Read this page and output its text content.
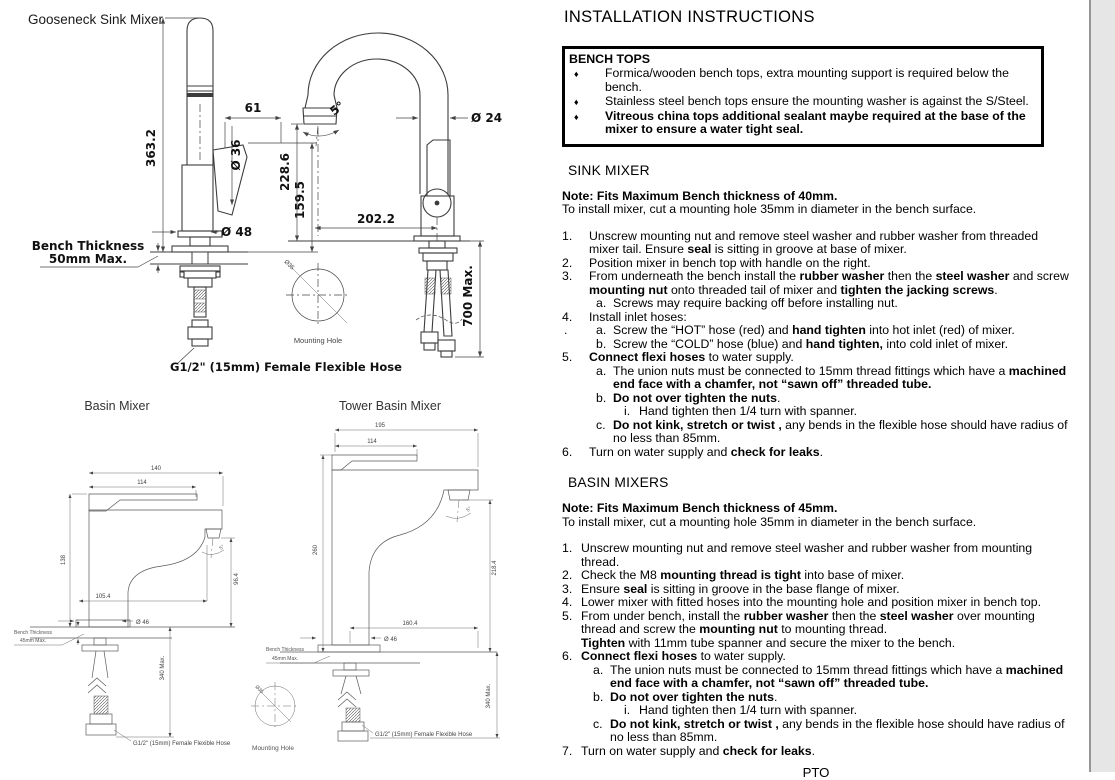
Gooseneck Sink Mixer
363.2
61
Ø 36
159.5
Ø 48
Bench Thickness
50mm Max.
5°	Ø 24
202.2
228.6
700 Max.
Ø35
Mounting Hole
G1/2" (15mm) Female Flexible Hose
Basin Mixer
140
114
138
5°
96.4
105.4
Ø 46
Bench Thickness
45mm Max.
340 Max.
G1/2" (15mm) Female Flexible Hose
Tower Basin Mixer
195
114
5°
218.4
260
160.4
Ø 46
Bench Thickness
45mm Max.
340 Max.
G1/2" (15mm) Female Flexible Hose
Ø35
Mounting Hole
INSTALLATION INSTRUCTIONS
BENCH TOPS
♦	Formica/wooden bench tops, extra mounting support is required below the bench.
♦	Stainless steel bench tops ensure the mounting washer is against the S/Steel.
♦	Vitreous china tops additional sealant maybe required at the base of the mixer to ensure a water tight seal.
SINK MIXER
Note: Fits Maximum Bench thickness of 40mm.
To install mixer, cut a mounting hole 35mm in diameter in the bench surface.
1.	Unscrew mounting nut and remove steel washer and rubber washer from threaded mixer tail. Ensure seal is sitting in groove at base of mixer.
2.	Position mixer in bench top with handle on the right.
3.	From underneath the bench install the rubber washer then the steel washer and screw mounting nut onto threaded tail of mixer and tighten the jacking screws.
a. Screws may require backing off before installing nut.
4.	Install inlet hoses:
. a. Screw the “HOT” hose (red) and hand tighten into hot inlet (red) of mixer.
b. Screw the “COLD” hose (blue) and hand tighten, into cold inlet of mixer.
5.	Connect flexi hoses to water supply.
a. The union nuts must be connected to 15mm thread fittings which have a machined end face with a chamfer, not “sawn off” threaded tube.
b. Do not over tighten the nuts.
i. Hand tighten then 1/4 turn with spanner.
c. Do not kink, stretch or twist , any bends in the flexible hose should have radius of no less than 85mm.
6.	Turn on water supply and check for leaks.
BASIN MIXERS
Note: Fits Maximum Bench thickness of 45mm.
To install mixer, cut a mounting hole 35mm in diameter in the bench surface.
1. Unscrew mounting nut and remove steel washer and rubber washer from mounting thread.
2. Check the M8 mounting thread is tight into base of mixer.
3. Ensure seal is sitting in groove in the base flange of mixer.
4. Lower mixer with fitted hoses into the mounting hole and position mixer in bench top.
5. From under bench, install the rubber washer then the steel washer over mounting thread and screw the mounting nut to mounting thread.
Tighten with 11mm tube spanner and secure the mixer to the bench.
6. Connect flexi hoses to water supply.
a. The union nuts must be connected to 15mm thread fittings which have a machined end face with a chamfer, not “sawn off” threaded tube.
b. Do not over tighten the nuts.
i. Hand tighten then 1/4 turn with spanner.
c. Do not kink, stretch or twist , any bends in the flexible hose should have radius of no less than 85mm.
7. Turn on water supply and check for leaks.
PTO
